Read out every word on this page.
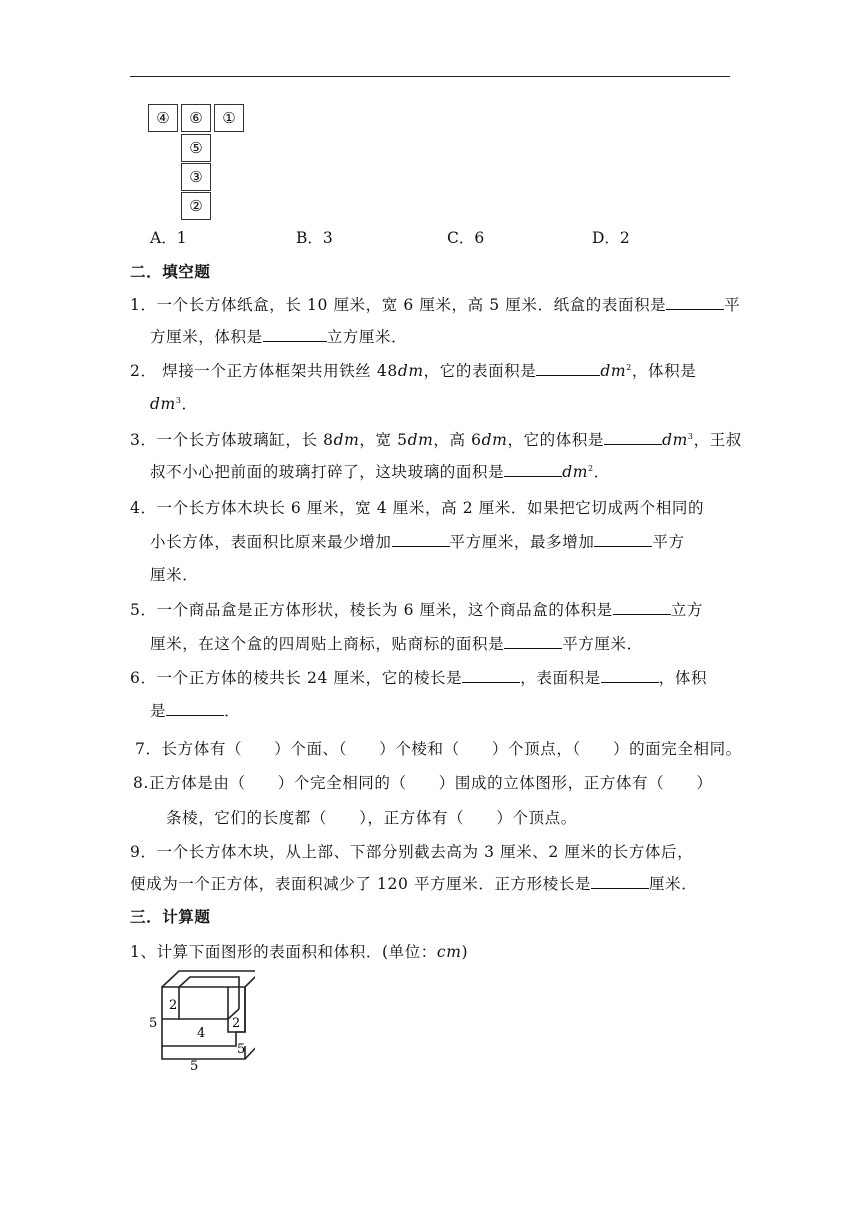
④	⑥	①
⑤
③
②
A．1	B．3	C．6	D．2
二．填空题
1．一个长方体纸盒，长 10 厘米，宽 6 厘米，高 5 厘米．纸盒的表面积是	平
方厘米，体积是	立方厘米．
2． 焊接一个正方体框架共用铁丝 48dm，它的表面积是	$dm^2$，体积是
$dm^3$．
3．一个长方体玻璃缸，长 8dm，宽 5dm，高 6dm，它的体积是	$dm^3$，王叔
叔不小心把前面的玻璃打碎了，这块玻璃的面积是	$dm^2$．
4．一个长方体木块长 6 厘米，宽 4 厘米，高 2 厘米．如果把它切成两个相同的
小长方体，表面积比原来最少增加	平方厘米，最多增加	平方
厘米．
5．一个商品盒是正方体形状，棱长为 6 厘米，这个商品盒的体积是	立方
厘米，在这个盒的四周贴上商标，贴商标的面积是	平方厘米．
6．一个正方体的棱共长 24 厘米，它的棱长是	，表面积是	，体积
是	．
7．长方体有（　　）个面、（　　）个棱和（　　）个顶点，（　　）的面完全相同。
8.正方体是由（　　）个完全相同的（　　）围成的立体图形，正方体有（　　）
条棱，它们的长度都（　　），正方体有（　　）个顶点。
9．一个长方体木块，从上部、下部分别截去高为 3 厘米、2 厘米的长方体后，
便成为一个正方体，表面积减少了 120 平方厘米．正方形棱长是	厘米．
三．计算题
1、计算下面图形的表面积和体积．(单位：cm)
2
5
4
2
5
5
